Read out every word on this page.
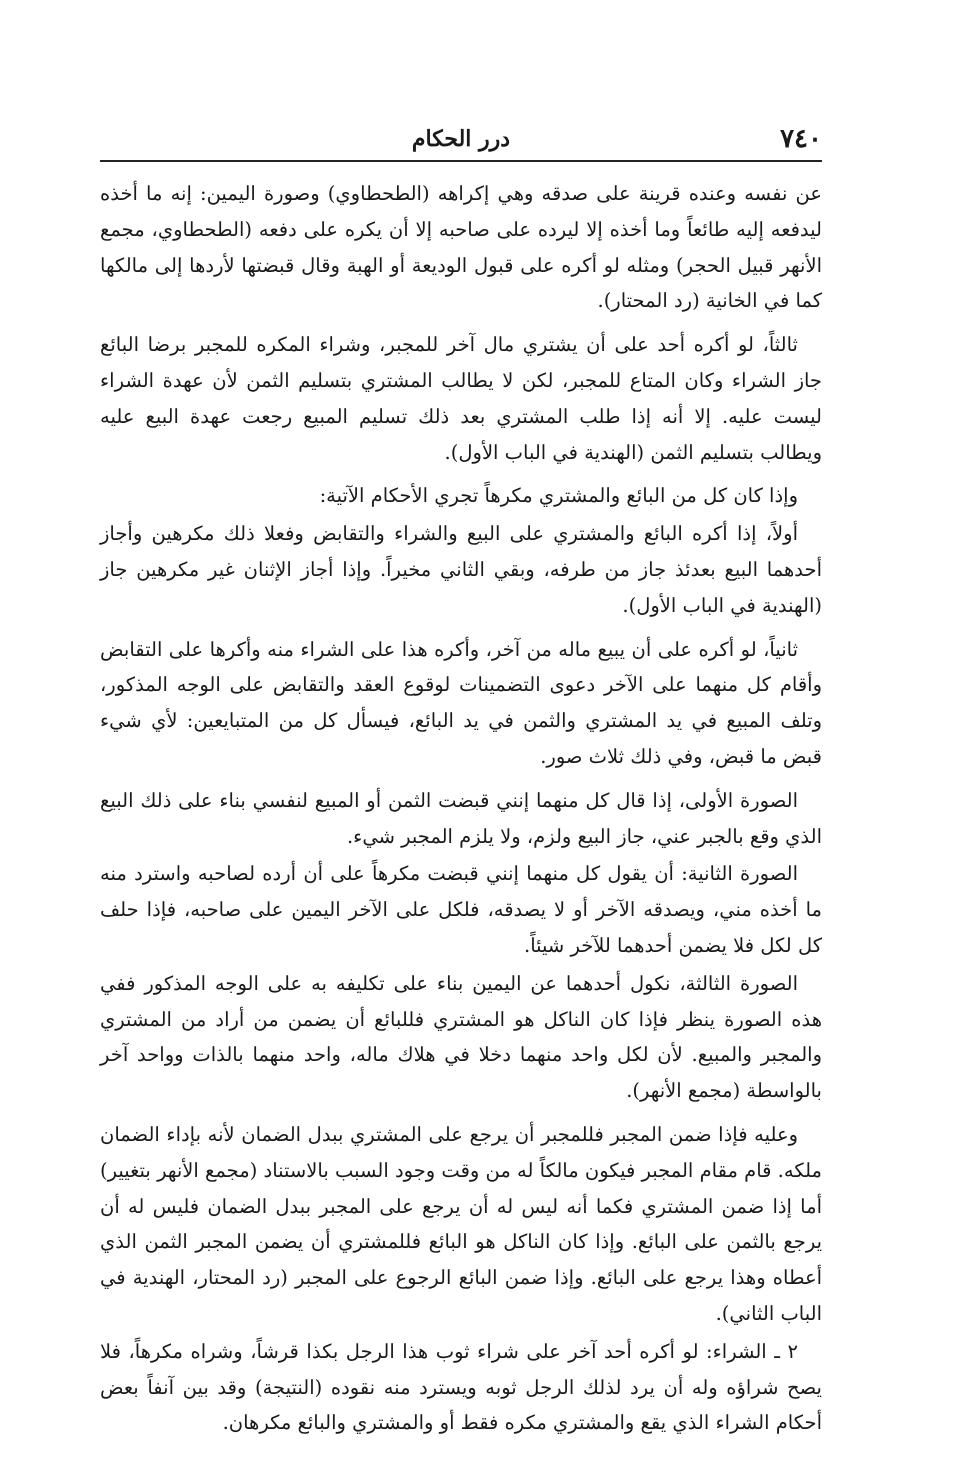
٧٤٠
درر الحكام

عن نفسه وعنده قرينة على صدقه وهي إكراهه (الطحطاوي) وصورة اليمين: إنه ما أخذه ليدفعه إليه طائعاً وما أخذه إلا ليرده على صاحبه إلا أن يكره على دفعه (الطحطاوي، مجمع الأنهر قبيل الحجر) ومثله لو أكره على قبول الوديعة أو الهبة وقال قبضتها لأردها إلى مالكها كما في الخانية (رد المحتار).

ثالثاً، لو أكره أحد على أن يشتري مال آخر للمجبر، وشراء المكره للمجبر برضا البائع جاز الشراء وكان المتاع للمجبر، لكن لا يطالب المشتري بتسليم الثمن لأن عهدة الشراء ليست عليه. إلا أنه إذا طلب المشتري بعد ذلك تسليم المبيع رجعت عهدة البيع عليه ويطالب بتسليم الثمن (الهندية في الباب الأول).

وإذا كان كل من البائع والمشتري مكرهاً تجري الأحكام الآتية:

أولاً، إذا أكره البائع والمشتري على البيع والشراء والتقابض وفعلا ذلك مكرهين وأجاز أحدهما البيع بعدئذ جاز من طرفه، وبقي الثاني مخيراً. وإذا أجاز الإثنان غير مكرهين جاز (الهندية في الباب الأول).

ثانياً، لو أكره على أن يبيع ماله من آخر، وأكره هذا على الشراء منه وأكرها على التقابض وأقام كل منهما على الآخر دعوى التضمينات لوقوع العقد والتقابض على الوجه المذكور، وتلف المبيع في يد المشتري والثمن في يد البائع، فيسأل كل من المتبايعين: لأي شيء قبض ما قبض، وفي ذلك ثلاث صور.

الصورة الأولى، إذا قال كل منهما إنني قبضت الثمن أو المبيع لنفسي بناء على ذلك البيع الذي وقع بالجبر عني، جاز البيع ولزم، ولا يلزم المجبر شيء.

الصورة الثانية: أن يقول كل منهما إنني قبضت مكرهاً على أن أرده لصاحبه واسترد منه ما أخذه مني، ويصدقه الآخر أو لا يصدقه، فلكل على الآخر اليمين على صاحبه، فإذا حلف كل لكل فلا يضمن أحدهما للآخر شيئاً.

الصورة الثالثة، نكول أحدهما عن اليمين بناء على تكليفه به على الوجه المذكور ففي هذه الصورة ينظر فإذا كان الناكل هو المشتري فللبائع أن يضمن من أراد من المشتري والمجبر والمبيع. لأن لكل واحد منهما دخلا في هلاك ماله، واحد منهما بالذات وواحد آخر بالواسطة (مجمع الأنهر).

وعليه فإذا ضمن المجبر فللمجبر أن يرجع على المشتري ببدل الضمان لأنه بإداء الضمان ملكه. قام مقام المجبر فيكون مالكاً له من وقت وجود السبب بالاستناد (مجمع الأنهر بتغيير) أما إذا ضمن المشتري فكما أنه ليس له أن يرجع على المجبر ببدل الضمان فليس له أن يرجع بالثمن على البائع. وإذا كان الناكل هو البائع فللمشتري أن يضمن المجبر الثمن الذي أعطاه وهذا يرجع على البائع. وإذا ضمن البائع الرجوع على المجبر (رد المحتار، الهندية في الباب الثاني).

٢ ـ الشراء: لو أكره أحد آخر على شراء ثوب هذا الرجل بكذا قرشاً، وشراه مكرهاً، فلا يصح شراؤه وله أن يرد لذلك الرجل ثوبه ويسترد منه نقوده (النتيجة) وقد بين آنفاً بعض أحكام الشراء الذي يقع والمشتري مكره فقط أو والمشتري والبائع مكرهان.
